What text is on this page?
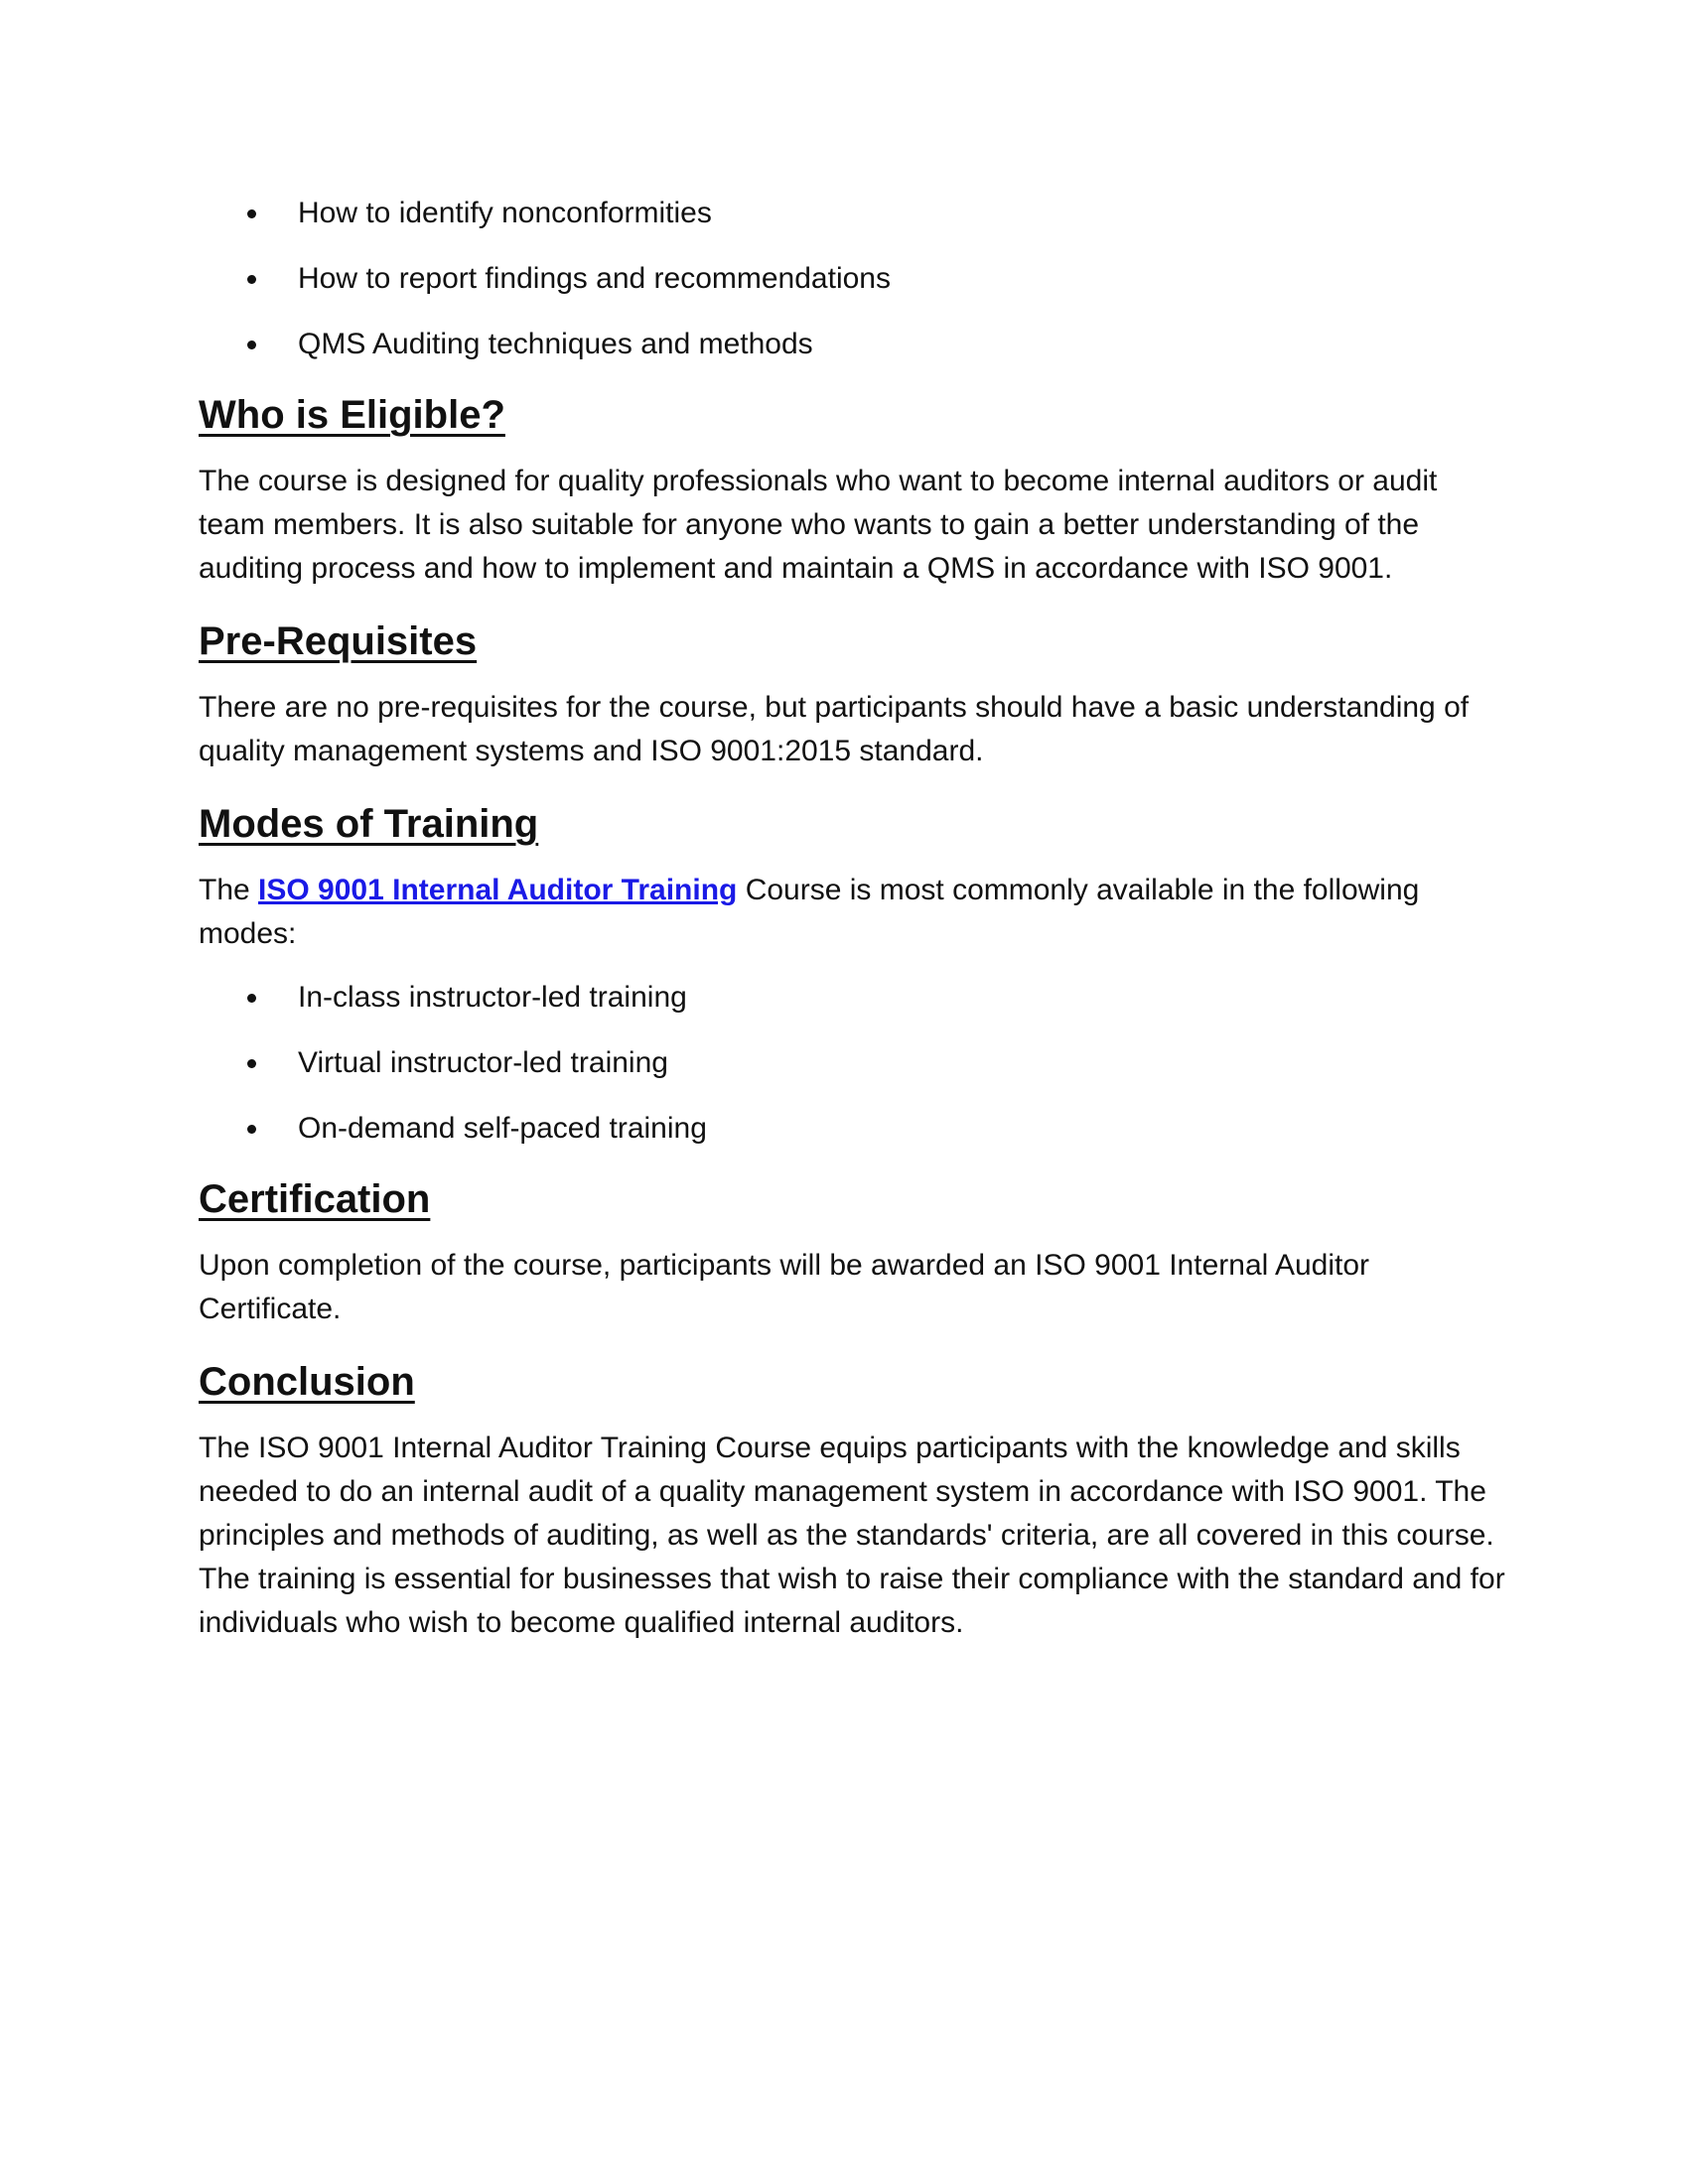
How to identify nonconformities
How to report findings and recommendations
QMS Auditing techniques and methods
Who is Eligible?

The course is designed for quality professionals who want to become internal auditors or audit team members. It is also suitable for anyone who wants to gain a better understanding of the auditing process and how to implement and maintain a QMS in accordance with ISO 9001.

Pre-Requisites

There are no pre-requisites for the course, but participants should have a basic understanding of quality management systems and ISO 9001:2015 standard.

Modes of Training

The ISO 9001 Internal Auditor Training Course is most commonly available in the following modes:

In-class instructor-led training
Virtual instructor-led training
On-demand self-paced training
Certification

Upon completion of the course, participants will be awarded an ISO 9001 Internal Auditor Certificate.

Conclusion

The ISO 9001 Internal Auditor Training Course equips participants with the knowledge and skills needed to do an internal audit of a quality management system in accordance with ISO 9001. The principles and methods of auditing, as well as the standards' criteria, are all covered in this course. The training is essential for businesses that wish to raise their compliance with the standard and for individuals who wish to become qualified internal auditors.
